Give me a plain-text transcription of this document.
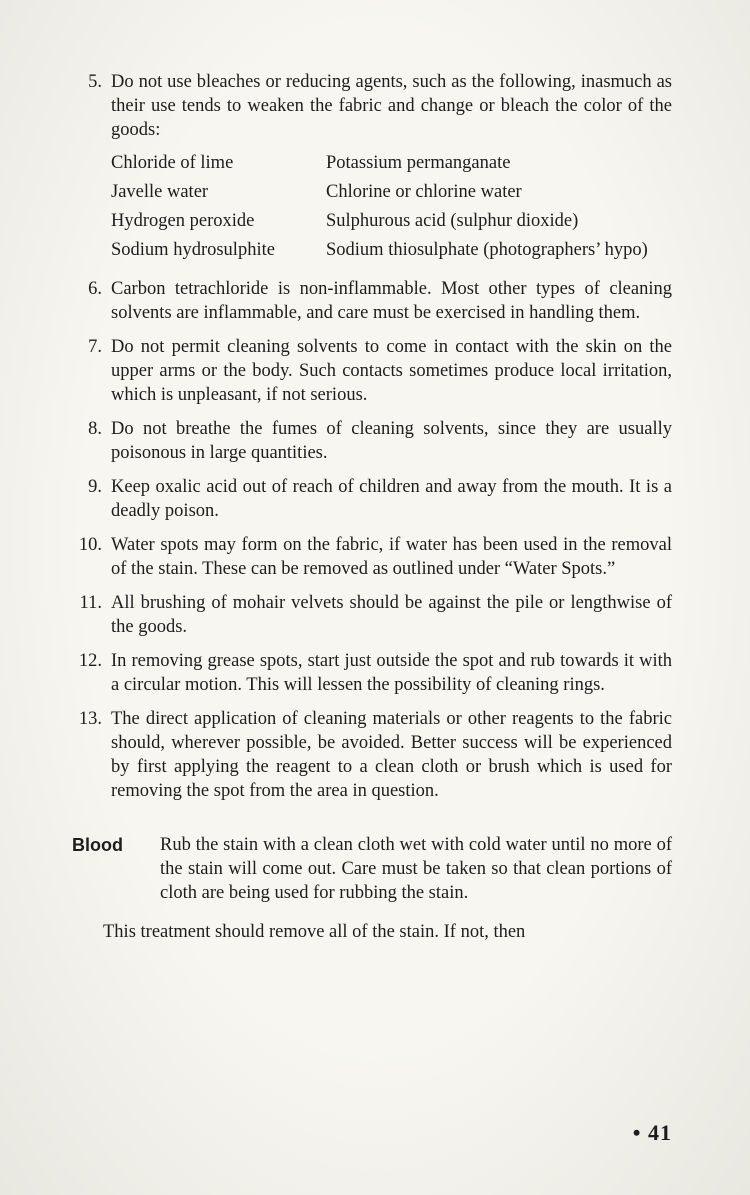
5. Do not use bleaches or reducing agents, such as the following, inasmuch as their use tends to weaken the fabric and change or bleach the color of the goods:

Chloride of lime	Potassium permanganate
Javelle water	Chlorine or chlorine water
Hydrogen peroxide	Sulphurous acid (sulphur dioxide)
Sodium hydrosulphite	Sodium thiosulphate (photographers’ hypo)
6. Carbon tetrachloride is non-inflammable. Most other types of cleaning solvents are inflammable, and care must be exercised in handling them.

7. Do not permit cleaning solvents to come in contact with the skin on the upper arms or the body. Such contacts sometimes produce local irritation, which is unpleasant, if not serious.

8. Do not breathe the fumes of cleaning solvents, since they are usually poisonous in large quantities.

9. Keep oxalic acid out of reach of children and away from the mouth. It is a deadly poison.

10. Water spots may form on the fabric, if water has been used in the removal of the stain. These can be removed as outlined under “Water Spots.”

11. All brushing of mohair velvets should be against the pile or lengthwise of the goods.

12. In removing grease spots, start just outside the spot and rub towards it with a circular motion. This will lessen the possibility of cleaning rings.

13. The direct application of cleaning materials or other reagents to the fabric should, wherever possible, be avoided. Better success will be experienced by first applying the reagent to a clean cloth or brush which is used for removing the spot from the area in question.

Blood	Rub the stain with a clean cloth wet with cold water until no more of the stain will come out. Care must be taken so that clean portions of cloth are being used for rubbing the stain.

This treatment should remove all of the stain. If not, then

• 41
